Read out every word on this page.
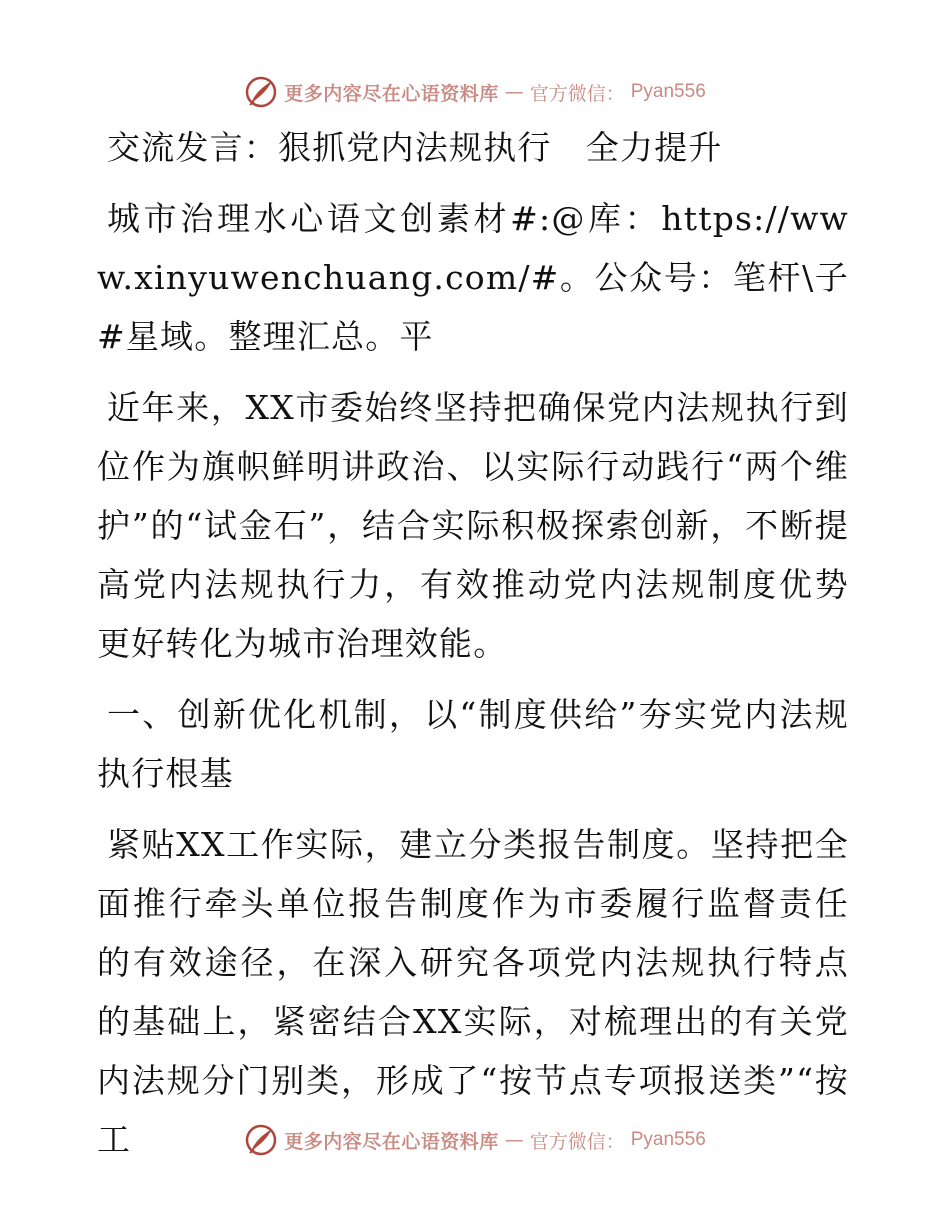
更多内容尽在心语资料库 — 官方微信： Pyan556

交流发言：狠抓党内法规执行　全力提升

城市治理水心语文创素材#:@库：https://www.xinyuwenchuang.com/#。公众号：笔杆\子#星域。整理汇总。平

近年来，XX市委始终坚持把确保党内法规执行到位作为旗帜鲜明讲政治、以实际行动践行“两个维护”的“试金石”，结合实际积极探索创新，不断提高党内法规执行力，有效推动党内法规制度优势更好转化为城市治理效能。

一、创新优化机制，以“制度供给”夯实党内法规执行根基

紧贴XX工作实际，建立分类报告制度。坚持把全面推行牵头单位报告制度作为市委履行监督责任的有效途径，在深入研究各项党内法规执行特点的基础上，紧密结合XX实际，对梳理出的有关党内法规分门别类，形成了“按节点专项报送类”“按工	更多内容尽在心语资料库 — 官方微信： Pyan556
